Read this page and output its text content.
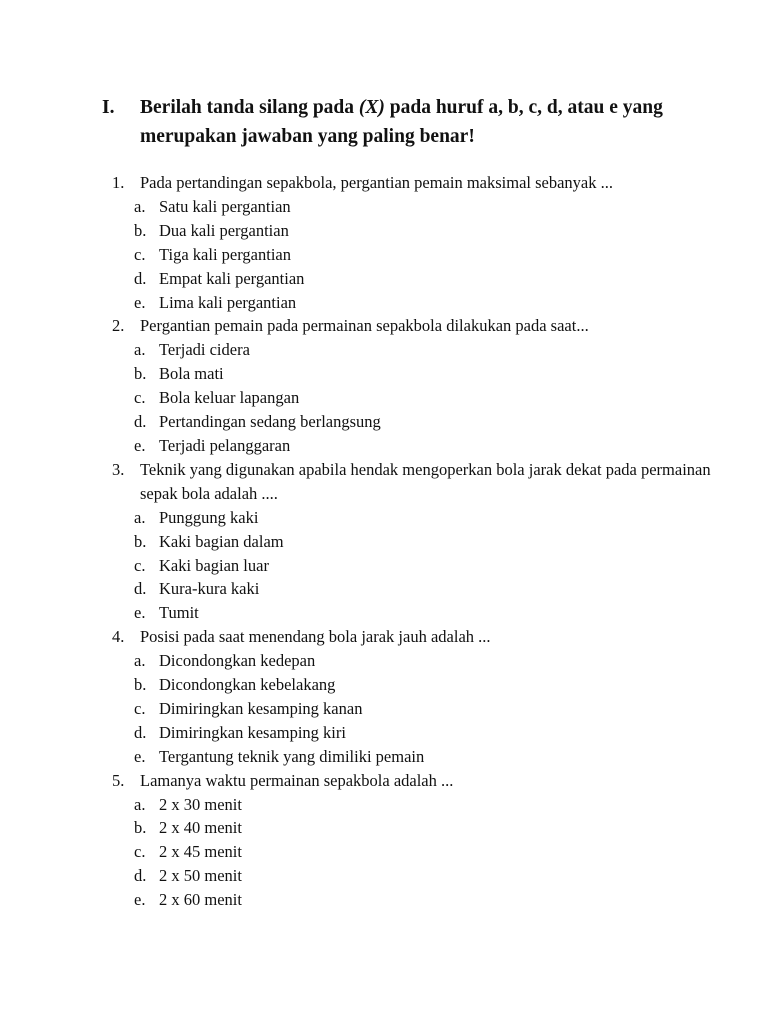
I.	Berilah tanda silang pada (X) pada huruf a, b, c, d, atau e yang merupakan jawaban yang paling benar!
1. Pada pertandingan sepakbola, pergantian pemain maksimal sebanyak ...
a. Satu kali pergantian
b. Dua kali pergantian
c. Tiga kali pergantian
d. Empat kali pergantian
e. Lima kali pergantian
2. Pergantian pemain pada permainan sepakbola dilakukan pada saat...
a. Terjadi cidera
b. Bola mati
c. Bola keluar lapangan
d. Pertandingan sedang berlangsung
e. Terjadi pelanggaran
3. Teknik yang digunakan apabila hendak mengoperkan bola jarak dekat pada permainan sepak bola adalah ....
a. Punggung kaki
b. Kaki bagian dalam
c. Kaki bagian luar
d. Kura-kura kaki
e. Tumit
4. Posisi pada saat menendang bola jarak jauh adalah ...
a. Dicondongkan kedepan
b. Dicondongkan kebelakang
c. Dimiringkan kesamping kanan
d. Dimiringkan kesamping kiri
e. Tergantung teknik yang dimiliki pemain
5. Lamanya waktu permainan sepakbola adalah ...
a. 2 x 30 menit
b. 2 x 40 menit
c. 2 x 45 menit
d. 2 x 50 menit
e. 2 x 60 menit
